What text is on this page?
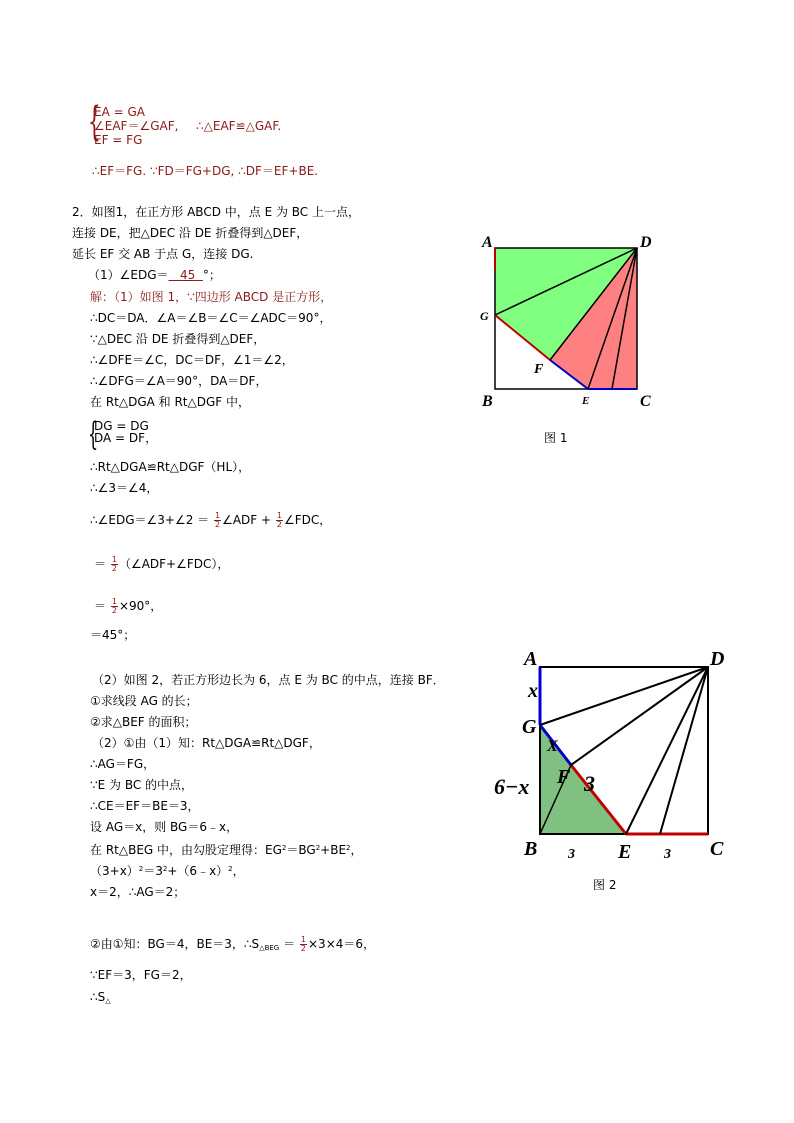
{
EA = GA
∠EAF＝∠GAF, ∴△EAF≌△GAF.
EF = FG
∴EF＝FG. ∵FD＝FG+DG, ∴DF＝EF+BE.
2．如图1，在正方形 ABCD 中，点 E 为 BC 上一点，
连接 DE，把△DEC 沿 DE 折叠得到△DEF，
延长 EF 交 AB 于点 G，连接 DG.
（1）∠EDG＝ 45 °；
解：（1）如图 1，∵四边形 ABCD 是正方形，
∴DC＝DA．∠A＝∠B＝∠C＝∠ADC＝90°，
∵△DEC 沿 DE 折叠得到△DEF，
∴∠DFE＝∠C，DC＝DF，∠1＝∠2，
∴∠DFG＝∠A＝90°，DA＝DF，
在 Rt△DGA 和 Rt△DGF 中，
{
DG = DG
DA = DF，
∴Rt△DGA≌Rt△DGF（HL），
∴∠3＝∠4，
∴∠EDG＝∠3+∠2 ＝ $\frac{1}{2}$ ∠ADF + $\frac{1}{2}$ ∠FDC，
＝ $\frac{1}{2}$ （∠ADF+∠FDC），
＝ $\frac{1}{2} \times 90^\circ$，
＝45°；
（2）如图 2，若正方形边长为 6，点 E 为 BC 的中点，连接 BF．
①求线段 AG 的长；
②求△BEF 的面积；
（2）①由（1）知：Rt△DGA≌Rt△DGF，
∴AG＝FG，
∵E 为 BC 的中点，
∴CE＝EF＝BE＝3，
设 AG＝x，则 BG＝6﹣x，
在 Rt△BEG 中，由勾股定理得：$EG^2=BG^2+BE^2$，
$(3+x)^2=3^2+(6﹣x)^2$，
x＝2，∴AG＝2；
②由①知：BG＝4，BE＝3，$\therefore S_{\triangle BEG} = \frac{1}{2} \times 3\times 4=6$，
∵EF＝3，FG＝2，
$\therefore S_\triangle$
A	D
G
F
B	E	C
图 1
A	D
x
G
X
6−x F 3
B 3 E 3 C
图 2
